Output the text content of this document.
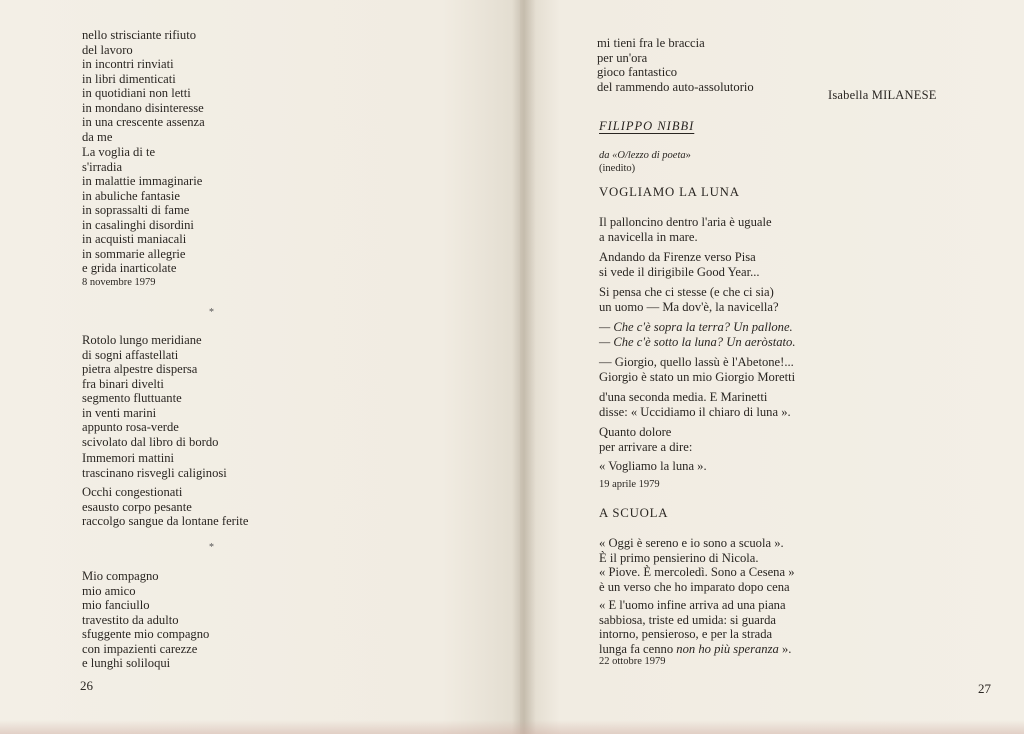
nello strisciante rifiuto
del lavoro
in incontri rinviati
in libri dimenticati
in quotidiani non letti
in mondano disinteresse
in una crescente assenza
da me
La voglia di te
s'irradia
in malattie immaginarie
in abuliche fantasie
in soprassalti di fame
in casalinghi disordini
in acquisti maniacali
in sommarie allegrie
e grida inarticolate
8 novembre 1979
*
Rotolo lungo meridiane
di sogni affastellati
pietra alpestre dispersa
fra binari divelti
segmento fluttuante
in venti marini
appunto rosa-verde
scivolato dal libro di bordo
Immemori mattini
trascinano risvegli caliginosi
Occhi congestionati
esausto corpo pesante
raccolgo sangue da lontane ferite
*
Mio compagno
mio amico
mio fanciullo
travestito da adulto
sfuggente mio compagno
con impazienti carezze
e lunghi soliloqui
26
mi tieni fra le braccia
per un'ora
gioco fantastico
del rammendo auto-assolutorio
Isabella MILANESE
FILIPPO NIBBI
da «O/lezzo di poeta»
(inedito)
VOGLIAMO LA LUNA
Il palloncino dentro l'aria è uguale
a navicella in mare.
Andando da Firenze verso Pisa
si vede il dirigibile Good Year...
Si pensa che ci stesse (e che ci sia)
un uomo — Ma dov'è, la navicella?
— Che c'è sopra la terra? Un pallone.
— Che c'è sotto la luna? Un aeròstato.
— Giorgio, quello lassù è l'Abetone!...
Giorgio è stato un mio Giorgio Moretti
d'una seconda media. E Marinetti
disse: « Uccidiamo il chiaro di luna ».
Quanto dolore
per arrivare a dire:
« Vogliamo la luna ».
19 aprile 1979
A SCUOLA
« Oggi è sereno e io sono a scuola ».
È il primo pensierino di Nicola.
« Piove. È mercoledì. Sono a Cesena »
è un verso che ho imparato dopo cena
« E l'uomo infine arriva ad una piana
sabbiosa, triste ed umida: si guarda
intorno, pensieroso, e per la strada
lunga fa cenno non ho più speranza ».
22 ottobre 1979
27
